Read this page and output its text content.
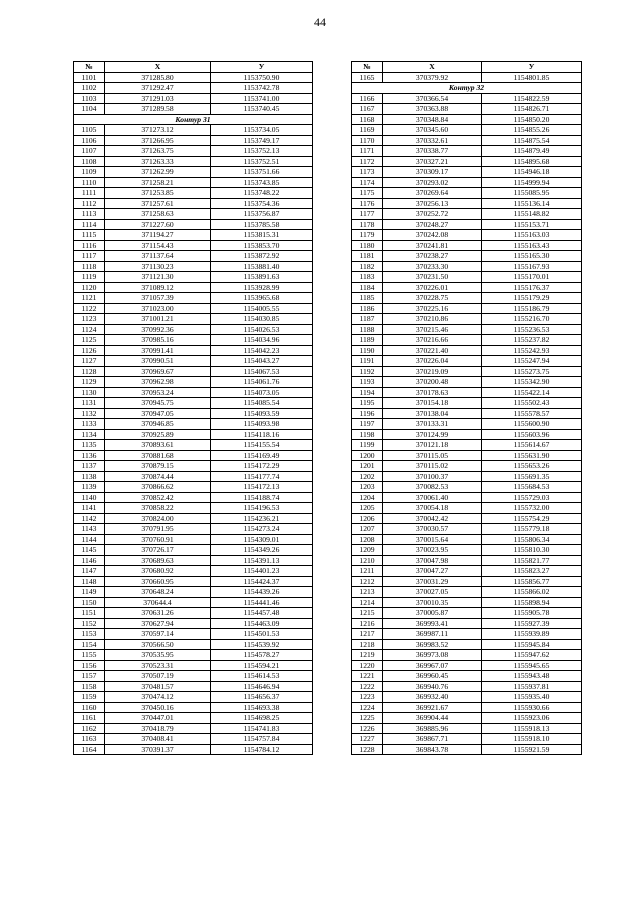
44
№	Х	У
1101	371285.80	1153750.90
1102	371292.47	1153742.78
1103	371291.03	1153741.00
1104	371289.58	1153740.45
Контур 31		
1105	371273.12	1153734.05
1106	371266.95	1153749.17
1107	371263.75	1153752.13
1108	371263.33	1153752.51
1109	371262.99	1153751.66
1110	371258.21	1153743.85
1111	371253.85	1153748.22
1112	371257.61	1153754.36
1113	371258.63	1153756.87
1114	371227.60	1153785.58
1115	371194.27	1153815.31
1116	371154.43	1153853.70
1117	371137.64	1153872.92
1118	371130.23	1153881.40
1119	371121.30	1153891.63
1120	371089.12	1153928.99
1121	371057.39	1153965.68
1122	371023.00	1154005.55
1123	371001.21	1154030.85
1124	370992.36	1154026.53
1125	370985.16	1154034.96
1126	370991.41	1154042.23
1127	370990.51	1154043.27
1128	370969.67	1154067.53
1129	370962.98	1154061.76
1130	370953.24	1154073.05
1131	370945.75	1154085.54
1132	370947.05	1154093.59
1133	370946.85	1154093.98
1134	370925.89	1154118.16
1135	370893.61	1154155.54
1136	370881.68	1154169.49
1137	370879.15	1154172.29
1138	370874.44	1154177.74
1139	370866.62	1154172.13
1140	370852.42	1154188.74
1141	370858.22	1154196.53
1142	370824.00	1154236.21
1143	370791.95	1154273.24
1144	370760.91	1154309.01
1145	370726.17	1154349.26
1146	370689.63	1154391.13
1147	370680.92	1154401.23
1148	370660.95	1154424.37
1149	370648.24	1154439.26
1150	370644.4	1154441.46
1151	370631.26	1154457.48
1152	370627.94	1154463.09
1153	370597.14	1154501.53
1154	370566.50	1154539.92
1155	370535.95	1154578.27
1156	370523.31	1154594.21
1157	370507.19	1154614.53
1158	370481.57	1154646.94
1159	370474.12	1154656.37
1160	370450.16	1154693.38
1161	370447.01	1154698.25
1162	370418.79	1154741.83
1163	370408.41	1154757.84
1164	370391.37	1154784.12
№	Х	У
1165	370379.92	1154801.85
Контур 32		
1166	370366.54	1154822.59
1167	370363.88	1154826.71
1168	370348.84	1154850.20
1169	370345.60	1154855.26
1170	370332.61	1154875.54
1171	370338.77	1154879.49
1172	370327.21	1154895.68
1173	370309.17	1154946.18
1174	370293.02	1154999.94
1175	370269.64	1155085.95
1176	370256.13	1155136.14
1177	370252.72	1155148.82
1178	370248.27	1155153.71
1179	370242.08	1155163.03
1180	370241.81	1155163.43
1181	370238.27	1155165.30
1182	370233.30	1155167.93
1183	370231.50	1155170.01
1184	370226.01	1155176.37
1185	370228.75	1155179.29
1186	370225.16	1155186.79
1187	370210.86	1155216.70
1188	370215.46	1155236.53
1189	370216.66	1155237.82
1190	370221.40	1155242.93
1191	370226.04	1155247.94
1192	370219.09	1155273.75
1193	370200.48	1155342.90
1194	370178.63	1155422.14
1195	370154.18	1155502.43
1196	370138.04	1155578.57
1197	370133.31	1155600.90
1198	370124.99	1155603.96
1199	370121.18	1155614.67
1200	370115.05	1155631.90
1201	370115.02	1155653.26
1202	370100.37	1155691.35
1203	370082.53	1155684.53
1204	370061.40	1155729.03
1205	370054.18	1155732.00
1206	370042.42	1155754.29
1207	370030.57	1155779.18
1208	370015.64	1155806.34
1209	370023.95	1155810.30
1210	370047.98	1155821.77
1211	370047.27	1155823.27
1212	370031.29	1155856.77
1213	370027.05	1155866.02
1214	370010.35	1155898.94
1215	370005.87	1155905.78
1216	369993.41	1155927.39
1217	369987.11	1155939.89
1218	369983.52	1155945.84
1219	369973.08	1155947.62
1220	369967.07	1155945.65
1221	369960.45	1155943.48
1222	369940.76	1155937.81
1223	369932.40	1155935.40
1224	369921.67	1155930.66
1225	369904.44	1155923.06
1226	369885.96	1155918.13
1227	369867.71	1155918.10
1228	369843.78	1155921.59
